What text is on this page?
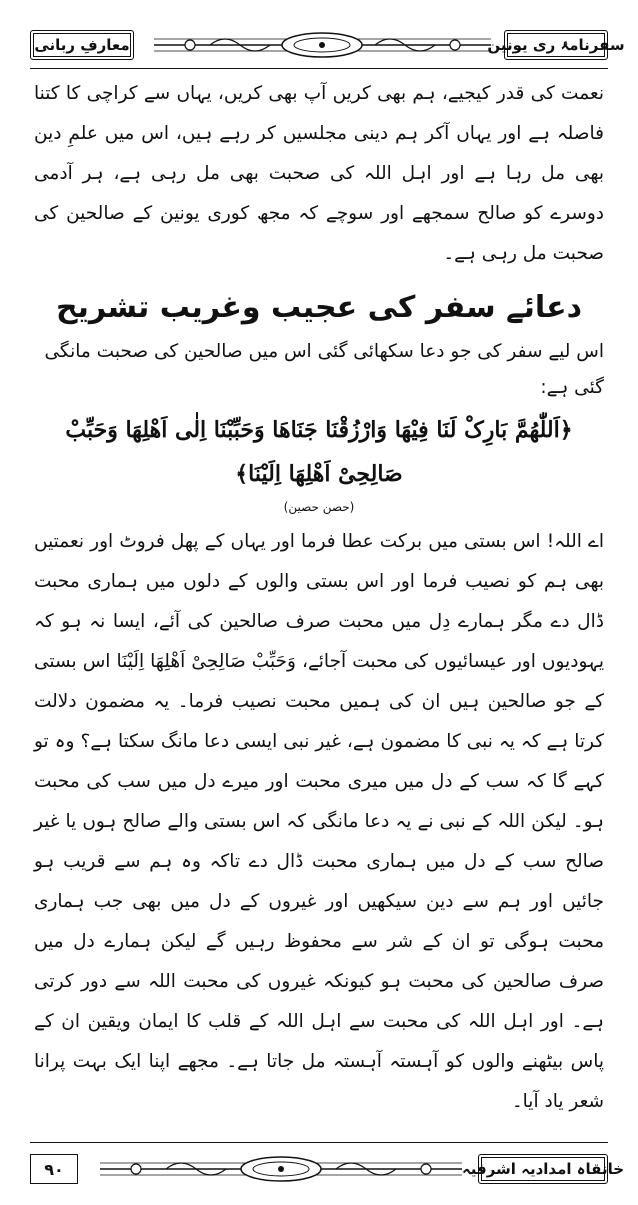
سفرنامۂ ری یونین
معارفِ ربانی

نعمت کی قدر کیجیے، ہم بھی کریں آپ بھی کریں، یہاں سے کراچی کا کتنا فاصلہ ہے اور یہاں آکر ہم دینی مجلسیں کر رہے ہیں، اس میں علمِ دین بھی مل رہا ہے اور اہل اللہ کی صحبت بھی مل رہی ہے، ہر آدمی دوسرے کو صالح سمجھے اور سوچے کہ مجھ کوری یونین کے صالحین کی صحبت مل رہی ہے۔

دعائے سفر کی عجیب وغریب تشریح

اس لیے سفر کی جو دعا سکھائی گئی اس میں صالحین کی صحبت مانگی گئی ہے:

﴿اَللّٰھُمَّ بَارِکْ لَنَا فِیْھَا وَارْزُقْنَا جَنَاھَا وَحَبِّبْنَا اِلٰی اَھْلِھَا وَحَبِّبْ

صَالِحِیْ اَھْلِھَا اِلَیْنَا﴾

(حصن حصین)

اے اللہ! اس بستی میں برکت عطا فرما اور یہاں کے پھل فروٹ اور نعمتیں بھی ہم کو نصیب فرما اور اس بستی والوں کے دلوں میں ہماری محبت ڈال دے مگر ہمارے دِل میں محبت صرف صالحین کی آئے، ایسا نہ ہو کہ یہودیوں اور عیسائیوں کی محبت آجائے، وَحَبِّبْ صَالِحِیْ اَھْلِھَا اِلَیْنَا اس بستی کے جو صالحین ہیں ان کی ہمیں محبت نصیب فرما۔ یہ مضمون دلالت کرتا ہے کہ یہ نبی کا مضمون ہے، غیر نبی ایسی دعا مانگ سکتا ہے؟ وہ تو کہے گا کہ سب کے دل میں میری محبت اور میرے دل میں سب کی محبت ہو۔ لیکن اللہ کے نبی نے یہ دعا مانگی کہ اس بستی والے صالح ہوں یا غیر صالح سب کے دل میں ہماری محبت ڈال دے تاکہ وہ ہم سے قریب ہو جائیں اور ہم سے دین سیکھیں اور غیروں کے دل میں بھی جب ہماری محبت ہوگی تو ان کے شر سے محفوظ رہیں گے لیکن ہمارے دل میں صرف صالحین کی محبت ہو کیونکہ غیروں کی محبت اللہ سے دور کرتی ہے۔ اور اہل اللہ کی محبت سے اہل اللہ کے قلب کا ایمان ویقین ان کے پاس بیٹھنے والوں کو آہستہ آہستہ مل جاتا ہے۔ مجھے اپنا ایک بہت پرانا شعر یاد آیا۔

خانقاہ امدادیہ اشرفیہ
۹۰
